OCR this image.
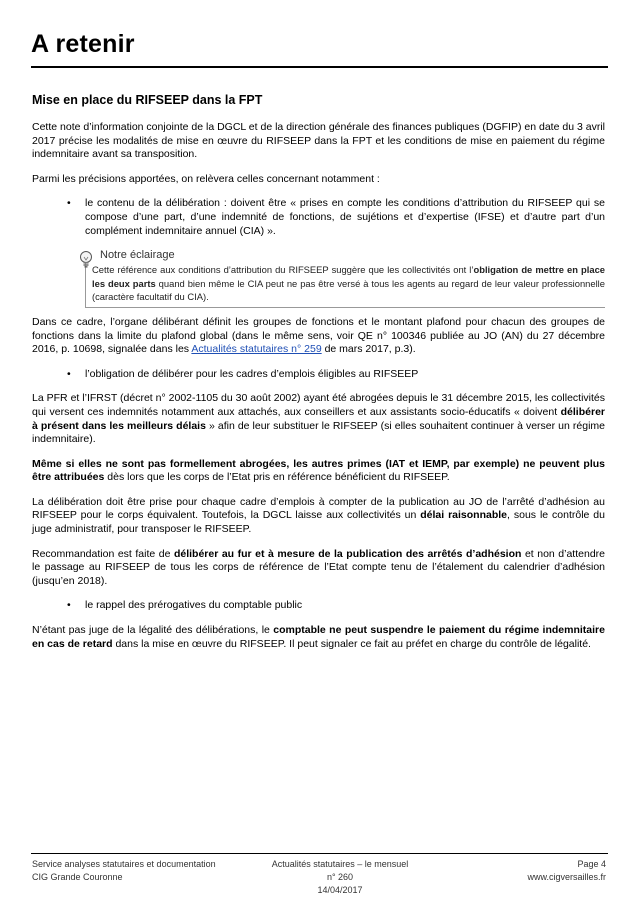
A retenir
Mise en place du RIFSEEP dans la FPT

Cette note d’information conjointe de la DGCL et de la direction générale des finances publiques (DGFIP) en date du 3 avril 2017 précise les modalités de mise en œuvre du RIFSEEP dans la FPT et les conditions de mise en paiement du régime indemnitaire avant sa transposition.

Parmi les précisions apportées, on relèvera celles concernant notamment :

• le contenu de la délibération : doivent être « prises en compte les conditions d’attribution du RIFSEEP qui se compose d’une part, d’une indemnité de fonctions, de sujétions et d’expertise (IFSE) et d’autre part d’un complément indemnitaire annuel (CIA) ».
Notre éclairage
Cette référence aux conditions d’attribution du RIFSEEP suggère que les collectivités ont l’obligation de mettre en place les deux parts quand bien même le CIA peut ne pas être versé à tous les agents au regard de leur valeur professionnelle (caractère facultatif du CIA).

Dans ce cadre, l’organe délibérant définit les groupes de fonctions et le montant plafond pour chacun des groupes de fonctions dans la limite du plafond global (dans le même sens, voir QE n° 100346 publiée au JO (AN) du 27 décembre 2016, p. 10698, signalée dans les Actualités statutaires n° 259 de mars 2017, p.3).

• l’obligation de délibérer pour les cadres d’emplois éligibles au RIFSEEP

La PFR et l’IFRST (décret n° 2002-1105 du 30 août 2002) ayant été abrogées depuis le 31 décembre 2015, les collectivités qui versent ces indemnités notamment aux attachés, aux conseillers et aux assistants socio-éducatifs « doivent délibérer à présent dans les meilleurs délais » afin de leur substituer le RIFSEEP (si elles souhaitent continuer à verser un régime indemnitaire).

Même si elles ne sont pas formellement abrogées, les autres primes (IAT et IEMP, par exemple) ne peuvent plus être attribuées dès lors que les corps de l’Etat pris en référence bénéficient du RIFSEEP.

La délibération doit être prise pour chaque cadre d’emplois à compter de la publication au JO de l’arrêté d’adhésion au RIFSEEP pour le corps équivalent. Toutefois, la DGCL laisse aux collectivités un délai raisonnable, sous le contrôle du juge administratif, pour transposer le RIFSEEP.

Recommandation est faite de délibérer au fur et à mesure de la publication des arrêtés d’adhésion et non d’attendre le passage au RIFSEEP de tous les corps de référence de l’Etat compte tenu de l’étalement du calendrier d’adhésion (jusqu’en 2018).

• le rappel des prérogatives du comptable public

N’étant pas juge de la légalité des délibérations, le comptable ne peut suspendre le paiement du régime indemnitaire en cas de retard dans la mise en œuvre du RIFSEEP. Il peut signaler ce fait au préfet en charge du contrôle de légalité.

Service analyses statutaires et documentation
CIG Grande Couronne
Actualités statutaires – le mensuel n° 260
14/04/2017
Page 4
www.cigversailles.fr
